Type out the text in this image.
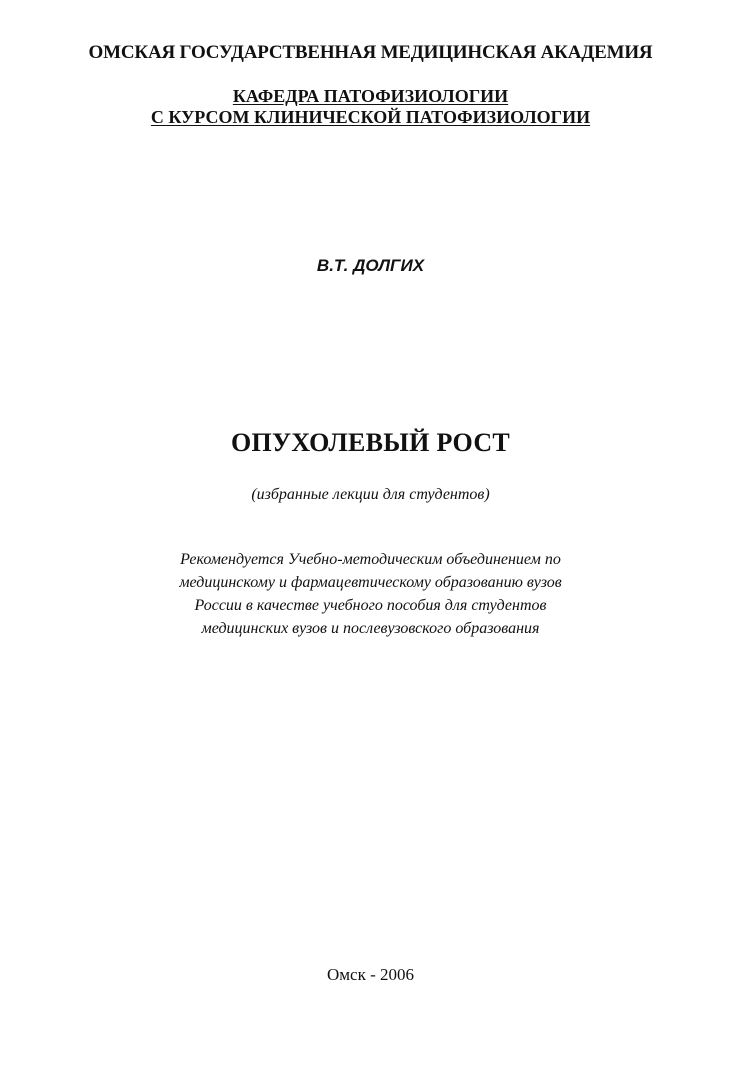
ОМСКАЯ ГОСУДАРСТВЕННАЯ МЕДИЦИНСКАЯ АКАДЕМИЯ
КАФЕДРА ПАТОФИЗИОЛОГИИ
С КУРСОМ КЛИНИЧЕСКОЙ ПАТОФИЗИОЛОГИИ
В.Т. ДОЛГИХ
ОПУХОЛЕВЫЙ РОСТ
(избранные лекции для студентов)
Рекомендуется Учебно-методическим объединением по
медицинскому и фармацевтическому образованию вузов
России в качестве учебного пособия для студентов
медицинских вузов и послевузовского образования
Омск - 2006
